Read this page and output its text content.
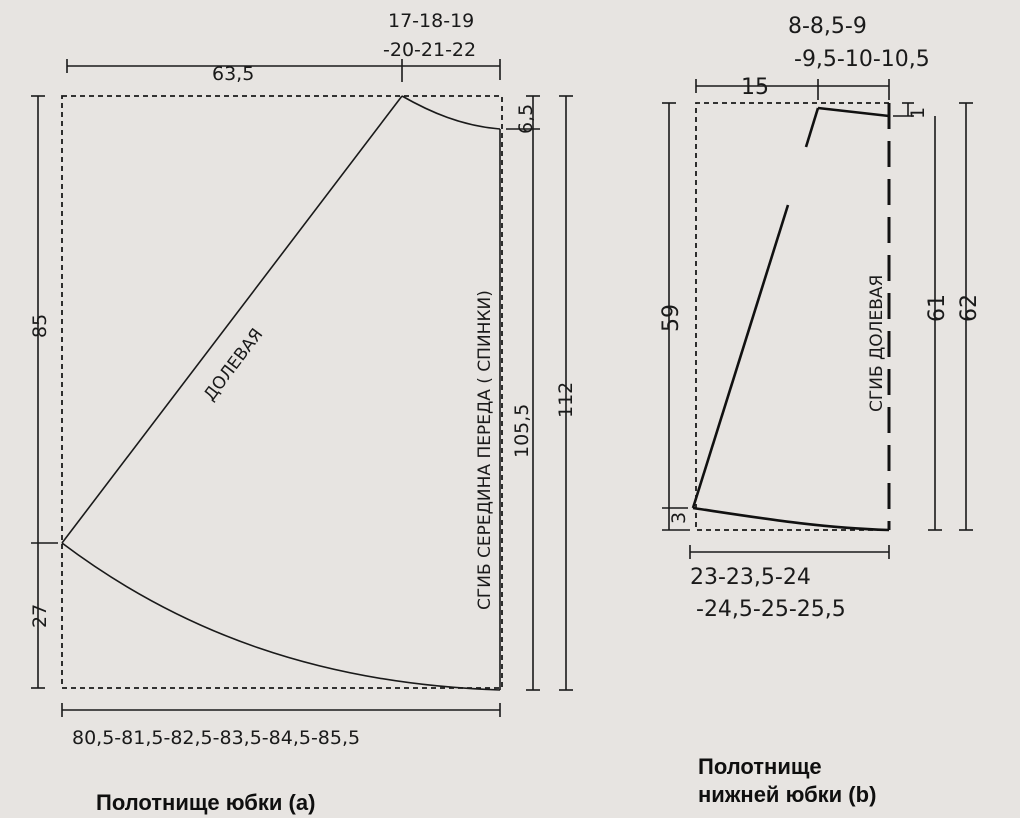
63,5
17-18-19
-20-21-22
85
27
6,5
105,5
112
80,5-81,5-82,5-83,5-84,5-85,5
ДОЛЕВАЯ	СГИБ СЕРЕДИНА ПЕРЕДА ( СПИНКИ)
15
8-8,5-9
-9,5-10-10,5
1
59
3
61 62
23-23,5-24
-24,5-25-25,5
СГИБ ДОЛЕВАЯ
Полотнище юбки (a)
Полотнище
нижней юбки (b)
